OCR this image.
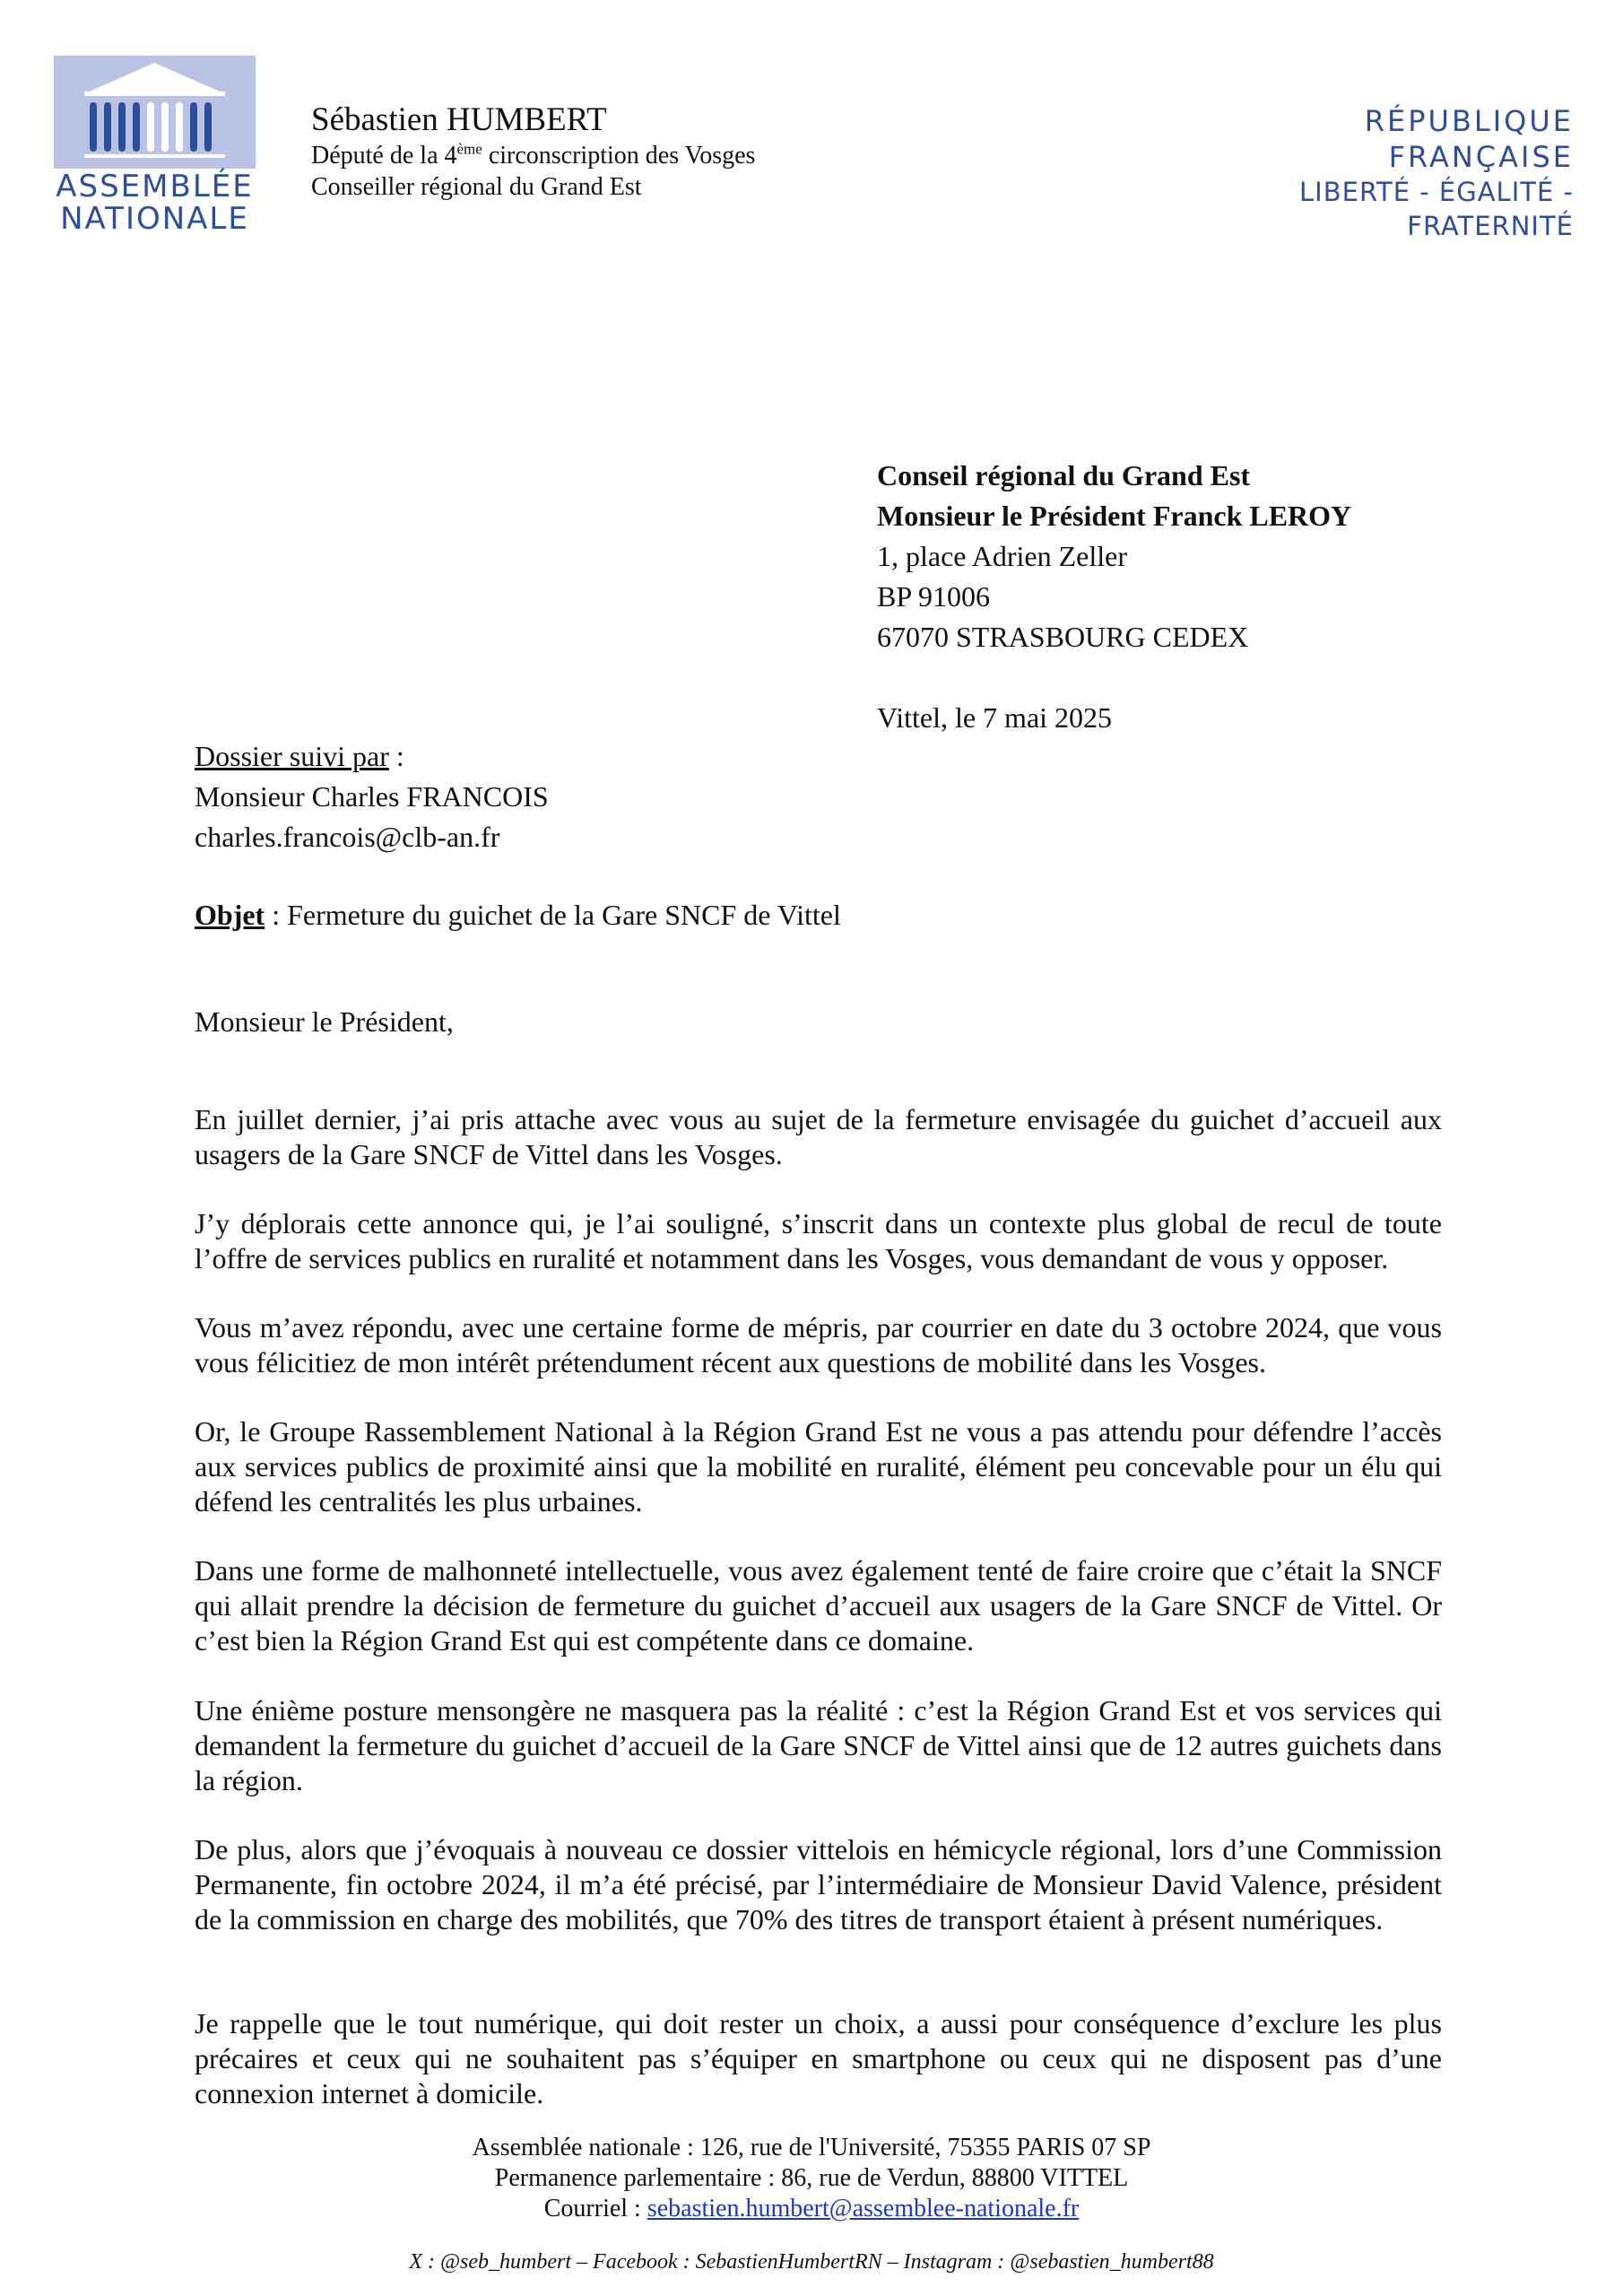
ASSEMBLÉE
NATIONALE
Sébastien HUMBERT
Député de la 4ème circonscription des Vosges
Conseiller régional du Grand Est
RÉPUBLIQUE FRANÇAISE
LIBERTÉ - ÉGALITÉ - FRATERNITÉ
Conseil régional du Grand Est
Monsieur le Président Franck LEROY
1, place Adrien Zeller
BP 91006
67070 STRASBOURG CEDEX
Vittel, le 7 mai 2025
Dossier suivi par :
Monsieur Charles FRANCOIS
charles.francois@clb-an.fr
Objet : Fermeture du guichet de la Gare SNCF de Vittel
Monsieur le Président,
En juillet dernier, j’ai pris attache avec vous au sujet de la fermeture envisagée du guichet d’accueil aux usagers de la Gare SNCF de Vittel dans les Vosges.
J’y déplorais cette annonce qui, je l’ai souligné, s’inscrit dans un contexte plus global de recul de toute l’offre de services publics en ruralité et notamment dans les Vosges, vous demandant de vous y opposer.
Vous m’avez répondu, avec une certaine forme de mépris, par courrier en date du 3 octobre 2024, que vous vous félicitiez de mon intérêt prétendument récent aux questions de mobilité dans les Vosges.
Or, le Groupe Rassemblement National à la Région Grand Est ne vous a pas attendu pour défendre l’accès aux services publics de proximité ainsi que la mobilité en ruralité, élément peu concevable pour un élu qui défend les centralités les plus urbaines.
Dans une forme de malhonneté intellectuelle, vous avez également tenté de faire croire que c’était la SNCF qui allait prendre la décision de fermeture du guichet d’accueil aux usagers de la Gare SNCF de Vittel. Or c’est bien la Région Grand Est qui est compétente dans ce domaine.
Une énième posture mensongère ne masquera pas la réalité : c’est la Région Grand Est et vos services qui demandent la fermeture du guichet d’accueil de la Gare SNCF de Vittel ainsi que de 12 autres guichets dans la région.
De plus, alors que j’évoquais à nouveau ce dossier vittelois en hémicycle régional, lors d’une Commission Permanente, fin octobre 2024, il m’a été précisé, par l’intermédiaire de Monsieur David Valence, président de la commission en charge des mobilités, que 70% des titres de transport étaient à présent numériques.
Je rappelle que le tout numérique, qui doit rester un choix, a aussi pour conséquence d’exclure les plus précaires et ceux qui ne souhaitent pas s’équiper en smartphone ou ceux qui ne disposent pas d’une connexion internet à domicile.
Assemblée nationale : 126, rue de l'Université, 75355 PARIS 07 SP
Permanence parlementaire : 86, rue de Verdun, 88800 VITTEL
Courriel : sebastien.humbert@assemblee-nationale.fr
X : @seb_humbert – Facebook : SebastienHumbertRN – Instagram : @sebastien_humbert88
